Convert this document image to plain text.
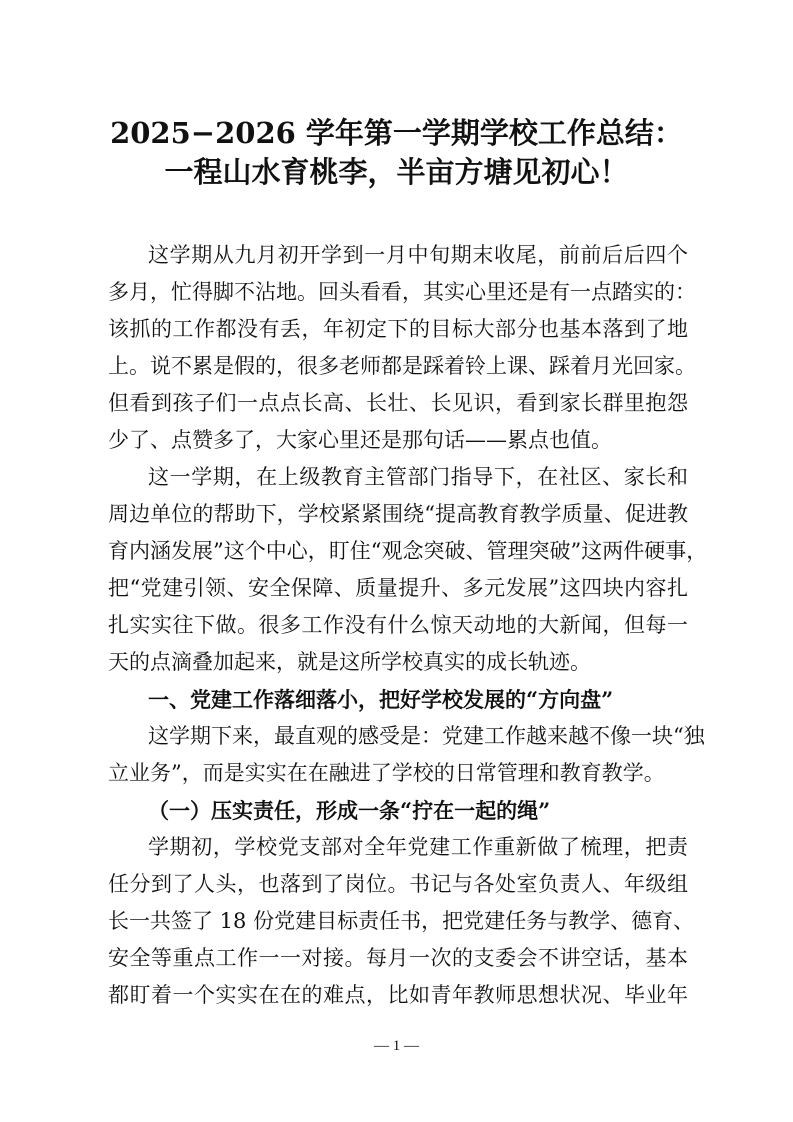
2025−2026 学年第一学期学校工作总结：
一程山水育桃李，半亩方塘见初心！
这学期从九月初开学到一月中旬期末收尾，前前后后四个
多月，忙得脚不沾地。回头看看，其实心里还是有一点踏实的：
该抓的工作都没有丢，年初定下的目标大部分也基本落到了地
上。说不累是假的，很多老师都是踩着铃上课、踩着月光回家。
但看到孩子们一点点长高、长壮、长见识，看到家长群里抱怨
少了、点赞多了，大家心里还是那句话——累点也值。
这一学期，在上级教育主管部门指导下，在社区、家长和
周边单位的帮助下，学校紧紧围绕“提高教育教学质量、促进教
育内涵发展”这个中心，盯住“观念突破、管理突破”这两件硬事，
把“党建引领、安全保障、质量提升、多元发展”这四块内容扎
扎实实往下做。很多工作没有什么惊天动地的大新闻，但每一
天的点滴叠加起来，就是这所学校真实的成长轨迹。
一、党建工作落细落小，把好学校发展的“方向盘”
这学期下来，最直观的感受是：党建工作越来越不像一块“独
立业务”，而是实实在在融进了学校的日常管理和教育教学。
（一）压实责任，形成一条“拧在一起的绳”
学期初，学校党支部对全年党建工作重新做了梳理，把责
任分到了人头，也落到了岗位。书记与各处室负责人、年级组
长一共签了 18 份党建目标责任书，把党建任务与教学、德育、
安全等重点工作一一对接。每月一次的支委会不讲空话，基本
都盯着一个实实在在的难点，比如青年教师思想状况、毕业年
— 1 —
